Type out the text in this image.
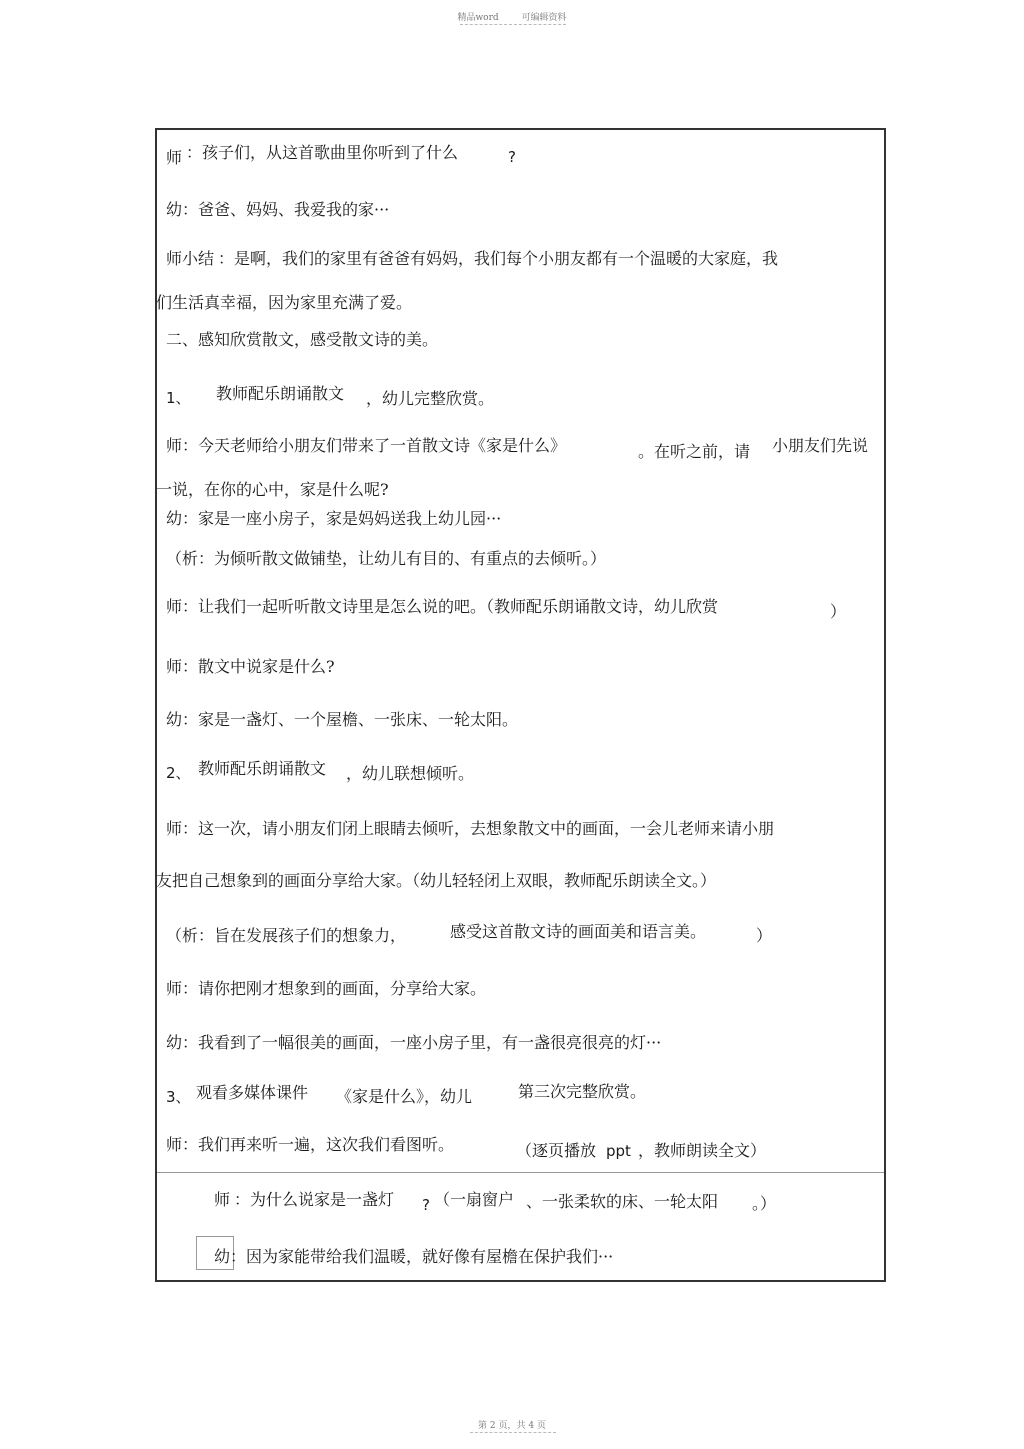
精品word	可编辑资料
师 ：孩子们，从这首歌曲里你听到了什么	?
幼：爸爸、妈妈、我爱我的家···
师小结 ：是啊，我们的家里有爸爸有妈妈，我们每个小朋友都有一个温暖的大家庭，我
们生活真幸福，因为家里充满了爱。
二、感知欣赏散文，感受散文诗的美。
1、 教师配乐朗诵散文 ，幼儿完整欣赏。
师：今天老师给小朋友们带来了一首散文诗《家是什么》	。在听之前，请 小朋友们先说
一说，在你的心中，家是什么呢?
幼：家是一座小房子，家是妈妈送我上幼儿园···
（析：为倾听散文做铺垫，让幼儿有目的、有重点的去倾听。）
师：让我们一起听听散文诗里是怎么说的吧。（教师配乐朗诵散文诗，幼儿欣赏	）
师：散文中说家是什么?
幼：家是一盏灯、一个屋檐、一张床、一轮太阳。
2、 教师配乐朗诵散文 ，幼儿联想倾听。
师：这一次，请小朋友们闭上眼睛去倾听，去想象散文中的画面，一会儿老师来请小朋
友把自己想象到的画面分享给大家。（幼儿轻轻闭上双眼，教师配乐朗读全文。）
（析：旨在发展孩子们的想象力，	感受这首散文诗的画面美和语言美。	）
师：请你把刚才想象到的画面，分享给大家。
幼：我看到了一幅很美的画面，一座小房子里，有一盏很亮很亮的灯···
3、 观看多媒体课件 《家是什么》，幼儿	第三次完整欣赏。
师：我们再来听一遍，这次我们看图听。	（逐页播放 ppt ，教师朗读全文）
师 ：为什么说家是一盏灯 ? （一扇窗户 、一张柔软的床、一轮太阳 。）
幼：因为家能带给我们温暖，就好像有屋檐在保护我们···
第 2 页，共 4 页
